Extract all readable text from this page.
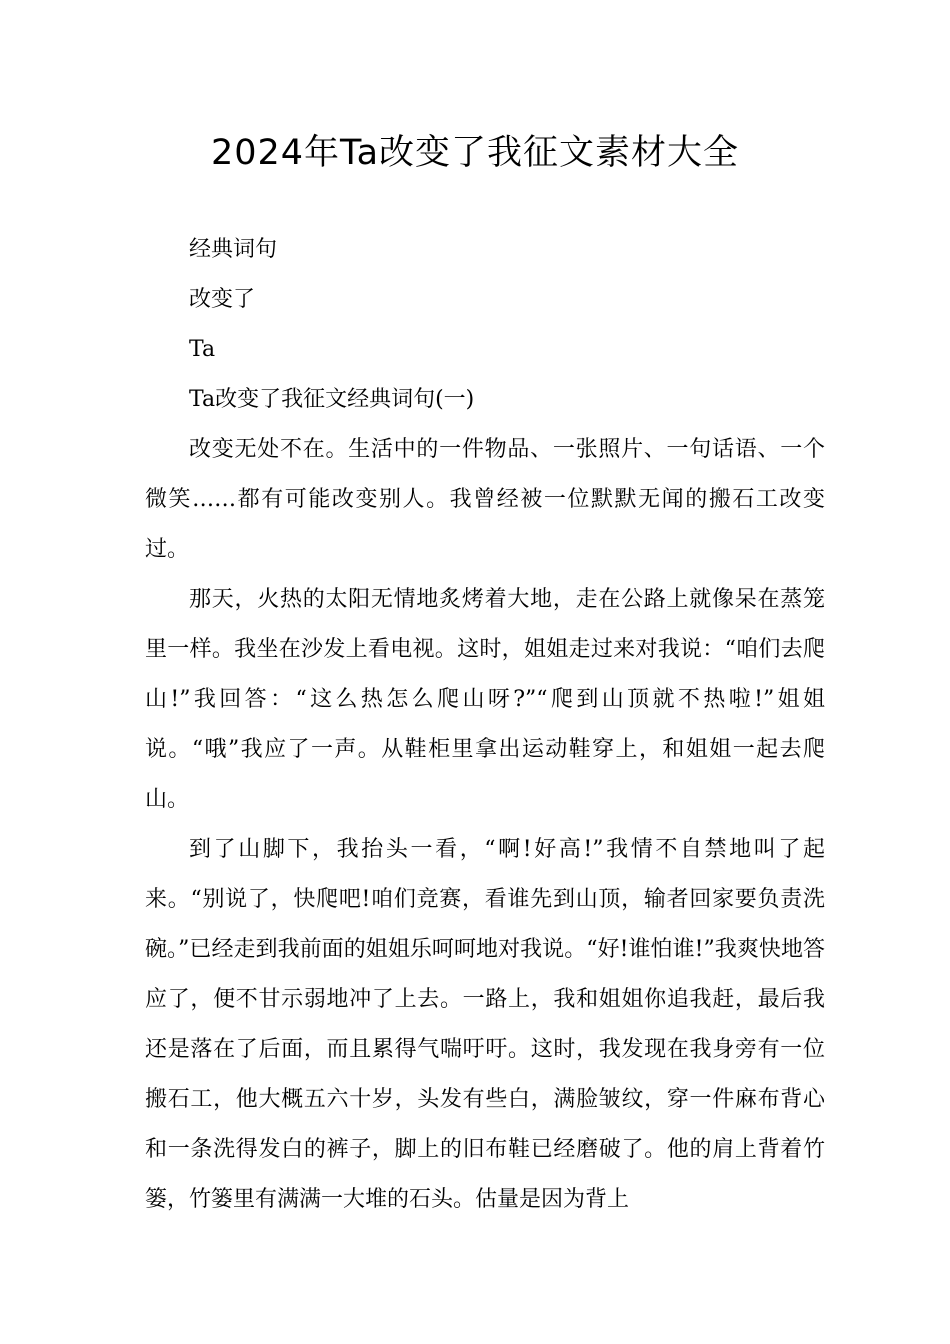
2024年Ta改变了我征文素材大全

经典词句

改变了

Ta

Ta改变了我征文经典词句(一)

改变无处不在。生活中的一件物品、一张照片、一句话语、一个微笑……都有可能改变别人。我曾经被一位默默无闻的搬石工改变过。

那天，火热的太阳无情地炙烤着大地，走在公路上就像呆在蒸笼里一样。我坐在沙发上看电视。这时，姐姐走过来对我说：“咱们去爬山!”我回答：“这么热怎么爬山呀?”“爬到山顶就不热啦!”姐姐说。“哦”我应了一声。从鞋柜里拿出运动鞋穿上，和姐姐一起去爬山。

到了山脚下，我抬头一看，“啊!好高!”我情不自禁地叫了起来。“别说了，快爬吧!咱们竞赛，看谁先到山顶，输者回家要负责洗碗。”已经走到我前面的姐姐乐呵呵地对我说。“好!谁怕谁!”我爽快地答应了，便不甘示弱地冲了上去。一路上，我和姐姐你追我赶，最后我还是落在了后面，而且累得气喘吁吁。这时，我发现在我身旁有一位搬石工，他大概五六十岁，头发有些白，满脸皱纹，穿一件麻布背心和一条洗得发白的裤子，脚上的旧布鞋已经磨破了。他的肩上背着竹篓，竹篓里有满满一大堆的石头。估量是因为背上
